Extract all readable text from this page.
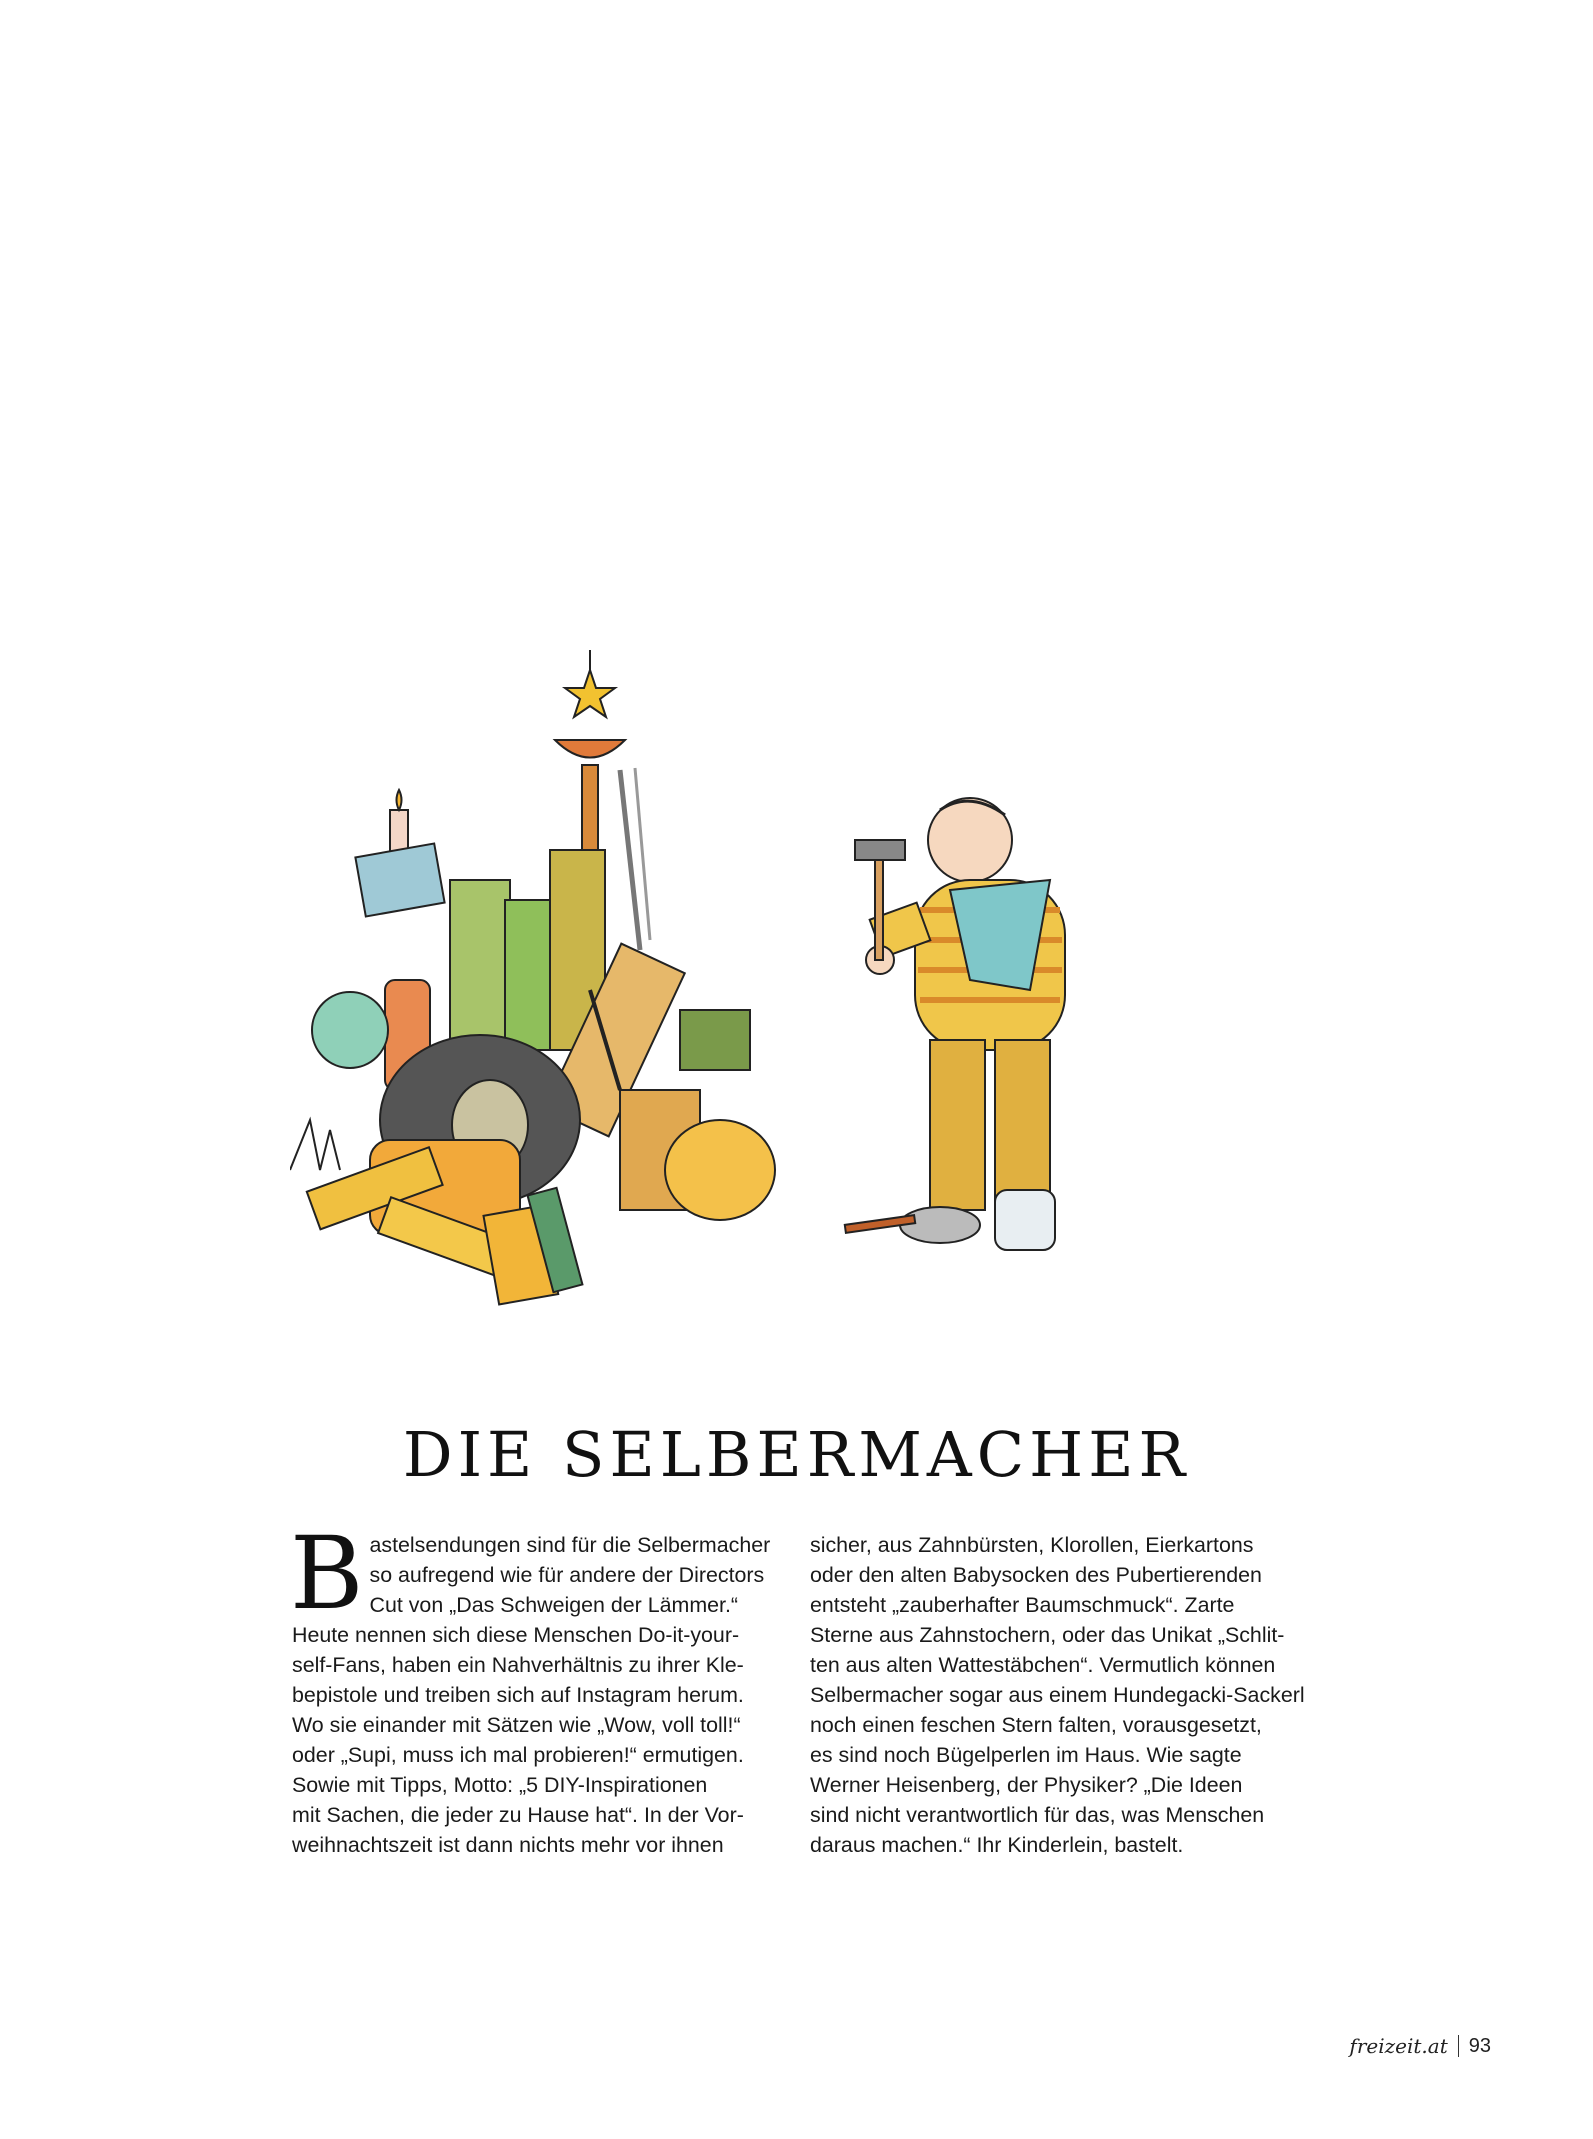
DIE SELBERMACHER
B astelsendungen sind für die Selbermacher

so aufregend wie für andere der Directors

Cut von „Das Schweigen der Lämmer.“

Heute nennen sich diese Menschen Do-it-your-

self-Fans, haben ein Nahverhältnis zu ihrer Kle-

bepistole und treiben sich auf Instagram herum.

Wo sie einander mit Sätzen wie „Wow, voll toll!“

oder „Supi, muss ich mal probieren!“ ermutigen.

Sowie mit Tipps, Motto: „5 DIY-Inspirationen

mit Sachen, die jeder zu Hause hat“. In der Vor-

weihnachtszeit ist dann nichts mehr vor ihnen

sicher, aus Zahnbürsten, Klorollen, Eierkartons

oder den alten Babysocken des Pubertierenden

entsteht „zauberhafter Baumschmuck“. Zarte

Sterne aus Zahnstochern, oder das Unikat „Schlit-

ten aus alten Wattestäbchen“. Vermutlich können

Selbermacher sogar aus einem Hundegacki-Sackerl

noch einen feschen Stern falten, vorausgesetzt,

es sind noch Bügelperlen im Haus. Wie sagte

Werner Heisenberg, der Physiker? „Die Ideen

sind nicht verantwortlich für das, was Menschen

daraus machen.“ Ihr Kinderlein, bastelt.

freizeit.at 93
